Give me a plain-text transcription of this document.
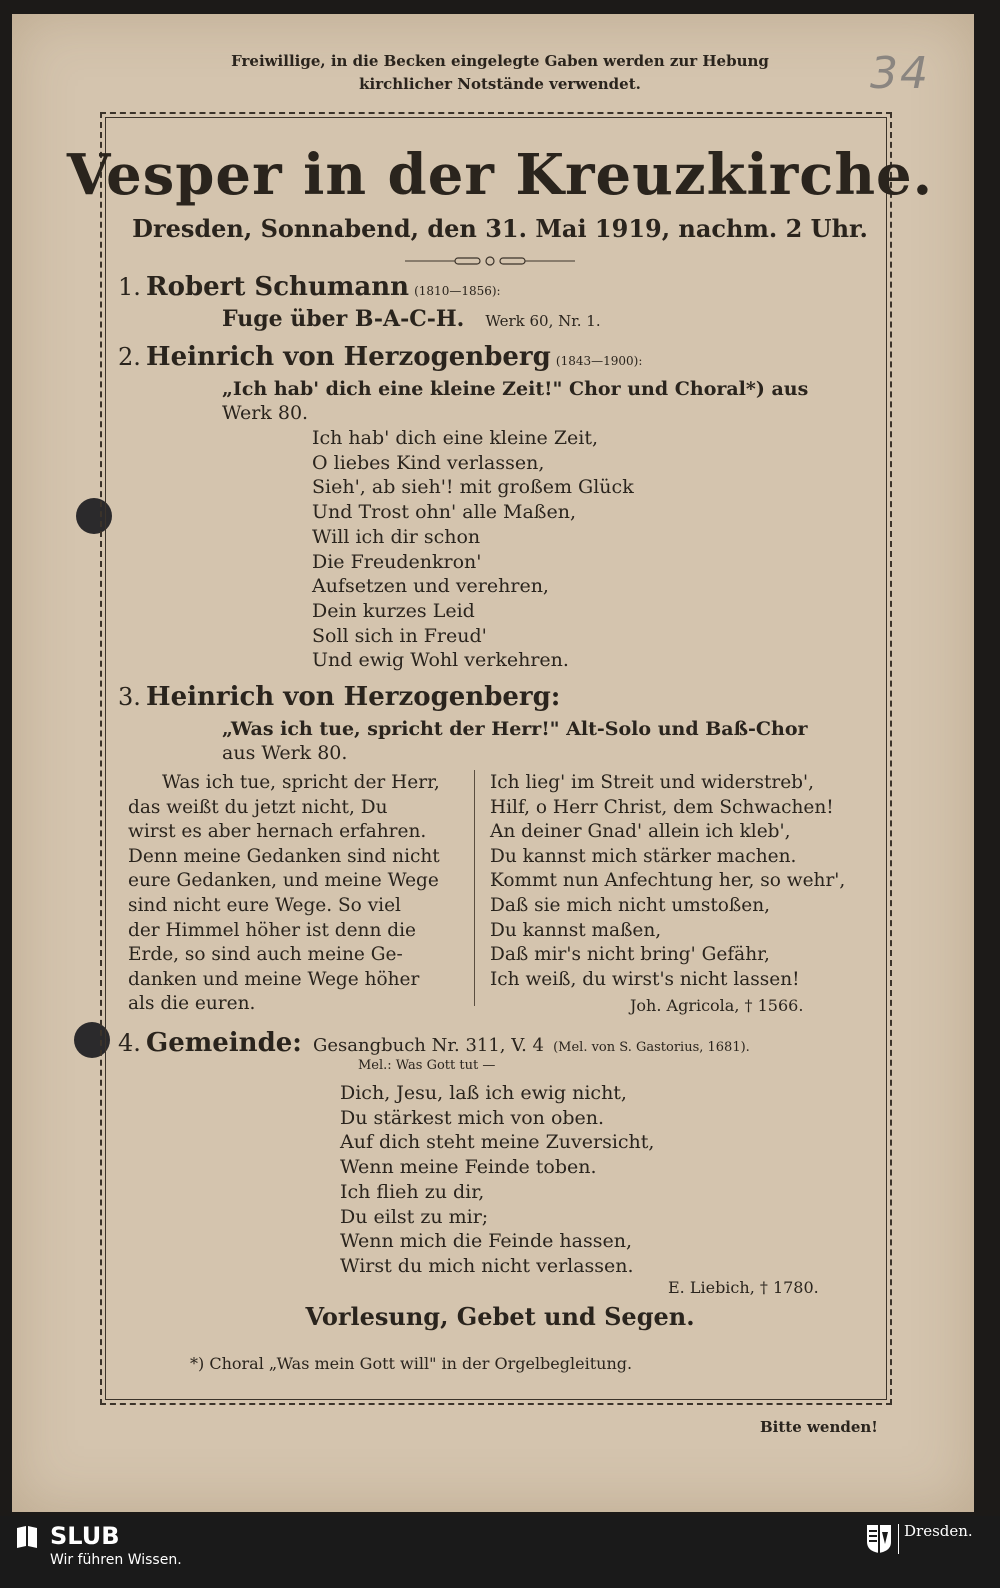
34
Freiwillige, in die Becken eingelegte Gaben werden zur Hebung
kirchlicher Notstände verwendet.
Vesper in der Kreuzkirche.
Dresden, Sonnabend, den 31. Mai 1919, nachm. 2 Uhr.
1. Robert Schumann (1810—1856):
Fuge über B-A-C-H. Werk 60, Nr. 1.
2. Heinrich von Herzogenberg (1843—1900):
„Ich hab' dich eine kleine Zeit!" Chor und Choral*) aus
Werk 80.
Ich hab' dich eine kleine Zeit,
O liebes Kind verlassen,
Sieh', ab sieh'! mit großem Glück
Und Trost ohn' alle Maßen,
Will ich dir schon
Die Freudenkron'
Aufsetzen und verehren,
Dein kurzes Leid
Soll sich in Freud'
Und ewig Wohl verkehren.
3. Heinrich von Herzogenberg:
„Was ich tue, spricht der Herr!" Alt-Solo und Baß-Chor
aus Werk 80.
Was ich tue, spricht der Herr,
das weißt du jetzt nicht, Du
wirst es aber hernach erfahren.
Denn meine Gedanken sind nicht
eure Gedanken, und meine Wege
sind nicht eure Wege. So viel
der Himmel höher ist denn die
Erde, so sind auch meine Ge-
danken und meine Wege höher
als die euren.
Ich lieg' im Streit und widerstreb',
Hilf, o Herr Christ, dem Schwachen!
An deiner Gnad' allein ich kleb',
Du kannst mich stärker machen.
Kommt nun Anfechtung her, so wehr',
Daß sie mich nicht umstoßen,
Du kannst maßen,
Daß mir's nicht bring' Gefähr,
Ich weiß, du wirst's nicht lassen!
Joh. Agricola, † 1566.
4. Gemeinde: Gesangbuch Nr. 311, V. 4 (Mel. von S. Gastorius, 1681).
Mel.: Was Gott tut —
Dich, Jesu, laß ich ewig nicht,
Du stärkest mich von oben.
Auf dich steht meine Zuversicht,
Wenn meine Feinde toben.
Ich flieh zu dir,
Du eilst zu mir;
Wenn mich die Feinde hassen,
Wirst du mich nicht verlassen.
E. Liebich, † 1780.
Vorlesung, Gebet und Segen.
*) Choral „Was mein Gott will" in der Orgelbegleitung.
Bitte wenden!
SLUB
Wir führen Wissen.
Dresden.
